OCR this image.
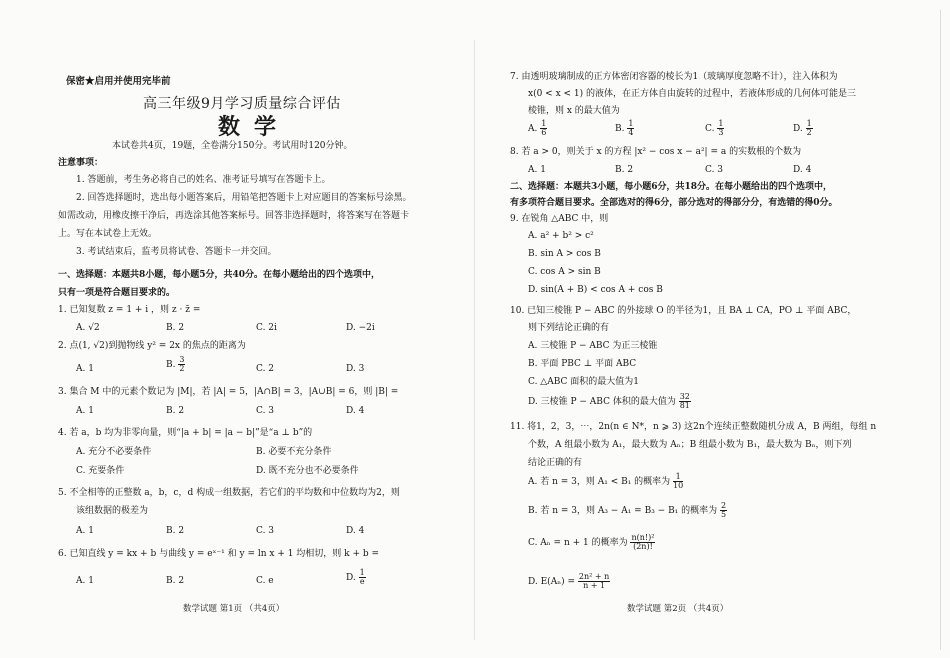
保密★启用并使用完毕前
高三年级9月学习质量综合评估
数学
本试卷共4页，19题，全卷满分150分。考试用时120分钟。
注意事项：
1. 答题前，考生务必将自己的姓名、准考证号填写在答题卡上。
2. 回答选择题时，选出每小题答案后，用铅笔把答题卡上对应题目的答案标号涂黑。
如需改动，用橡皮擦干净后，再选涂其他答案标号。回答非选择题时，将答案写在答题卡
上。写在本试卷上无效。
3. 考试结束后，监考员将试卷、答题卡一并交回。
一、选择题：本题共8小题，每小题5分，共40分。在每小题给出的四个选项中，
只有一项是符合题目要求的。
1. 已知复数 z = 1 + i ，则 z · z̄ =
A. √2	B. 2	C. 2i	D. −2i
2. 点(1, √2)到抛物线 y² = 2x 的焦点的距离为
A. 1	B. $\frac{3}{2}$	C. 2	D. 3
3. 集合 M 中的元素个数记为 |M|，若 |A| = 5，|A∩B| = 3，|A∪B| = 6，则 |B| =
A. 1	B. 2	C. 3	D. 4
4. 若 a，b 均为非零向量，则“|a + b| = |a − b|”是“a ⊥ b”的
A. 充分不必要条件	B. 必要不充分条件
C. 充要条件	D. 既不充分也不必要条件
5. 不全相等的正整数 a，b，c，d 构成一组数据，若它们的平均数和中位数均为2，则
该组数据的极差为
A. 1	B. 2	C. 3	D. 4
6. 已知直线 y = kx + b 与曲线 y = eˣ⁻¹ 和 y = ln x + 1 均相切，则 k + b =
A. 1	B. 2	C. e	D. $\frac{1}{e}$
数学试题 第1页 （共4页）
7. 由透明玻璃制成的正方体密闭容器的棱长为1（玻璃厚度忽略不计），注入体积为
x(0 < x < 1) 的液体，在正方体自由旋转的过程中，若液体形成的几何体可能是三
棱锥，则 x 的最大值为
A. $\frac{1}{6}$	B. $\frac{1}{4}$	C. $\frac{1}{3}$	D. $\frac{1}{2}$
8. 若 a > 0，则关于 x 的方程 |x² − cos x − a²| = a 的实数根的个数为
A. 1	B. 2	C. 3	D. 4
二、选择题：本题共3小题，每小题6分，共18分。在每小题给出的四个选项中，
有多项符合题目要求。全部选对的得6分，部分选对的得部分分，有选错的得0分。
9. 在锐角 △ABC 中，则
A. a² + b² > c²
B. sin A > cos B
C. cos A > sin B
D. sin(A + B) < cos A + cos B
10. 已知三棱锥 P − ABC 的外接球 O 的半径为1，且 BA ⊥ CA，PO ⊥ 平面 ABC，
则下列结论正确的有
A. 三棱锥 P − ABC 为正三棱锥
B. 平面 PBC ⊥ 平面 ABC
C. △ABC 面积的最大值为1
D. 三棱锥 P − ABC 体积的最大值为 $\frac{32}{81}$
11. 将1，2，3，⋯，2n(n ∈ N*，n ⩾ 3) 这2n个连续正整数随机分成 A，B 两组，每组 n
个数，A 组最小数为 A₁，最大数为 Aₙ；B 组最小数为 B₁，最大数为 Bₙ，则下列
结论正确的有
A. 若 n = 3，则 A₁ < B₁ 的概率为 $\frac{1}{10}$
B. 若 n = 3，则 A₃ − A₁ = B₃ − B₁ 的概率为 $\frac{2}{5}$
C. Aₙ = n + 1 的概率为 $\frac{\text{n(n!)²}}{(2n)!}$
D. $E(A_n) = \frac{\text{2n² + n}}{n + 1}$
数学试题 第2页 （共4页）
